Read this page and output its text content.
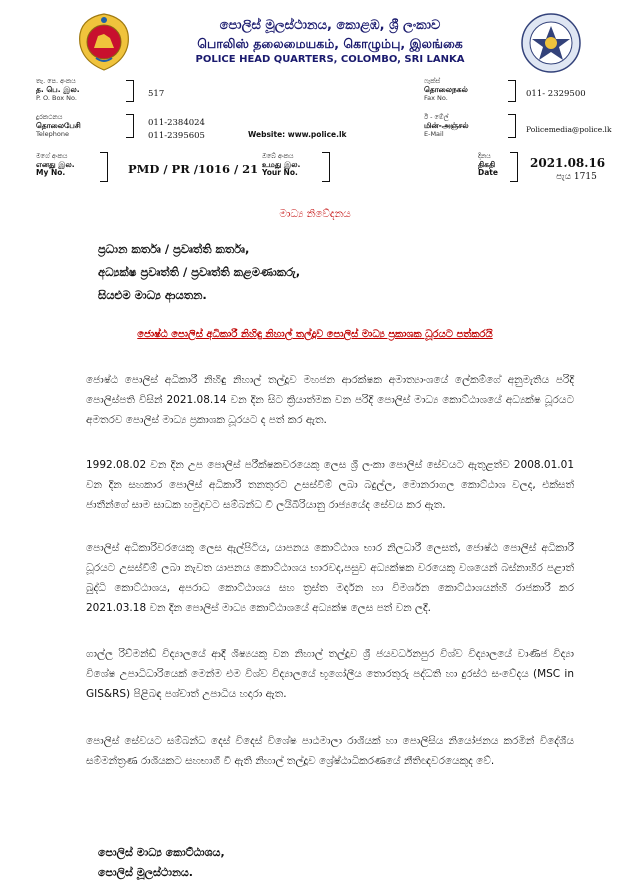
පොලිස් මූලස්ථානය, කොළඹ, ශ්‍රී ලංකාව
பொலிஸ் தலைமையகம், கொழும்பு, இலங்கை
POLICE HEAD QUARTERS, COLOMBO, SRI LANKA
තැ. පෙ. අංකය
த. பெ. இல.
P. O. Box No.	517
ෆැක්ස්
தொலைநகல்
Fax No.	011- 2329500
දුරකථනය
தொலைபேசி
Telephone
011-2384024
011-2395605	Website: www.police.lk
ඊ - මේල්
மின்-அஞ்சல்
E-Mail	Policemedia@police.lk
මගේ අංකය
எனது இல.
My No.	PMD / PR /1016 / 21
ඔබේ අංකය
உமது இல.
Your No.
දිනය
திகதி
Date
2021.08.16
පැය 1715
මාධ්‍ය නිවේදනය
ප්‍රධාන කර්තෘ / ප්‍රවෘත්ති කර්තෘ,
අධ්‍යක්ෂ ප්‍රවෘත්ති / ප්‍රවෘත්ති කළමණාකරු,
සියළුම මාධ්‍ය ආයතන.
ජොෂ්ඨ පොලිස් අධිකාරී නිහිඳු නිහාල් තල්දූව පොලිස් මාධ්‍ය ප්‍රකාශක ධූරයට පත්කරයි

ජොෂ්ඨ පොලිස් අධිකාරී නිහිඳු නිහාල් තල්දූව මහජන ආරක්ෂක අමාත්‍යාංශයේ ලේකම්ගේ අනුමැතිය පරිදි පොලිස්පති විසින් 2021.08.14 වන දින සිට ක්‍රියාත්මක වන පරිදි පොලිස් මාධ්‍ය කොට්ඨාශයේ අධ්‍යක්ෂ ධූරයට අමතරව පොලිස් මාධ්‍ය ප්‍රකාශක ධූරයට ද පත් කර ඇත.

1992.08.02 වන දින උප පොලිස් පරීක්ෂකවරයෙකු ලෙස ශ්‍රී ලංකා පොලිස් සේවයට ඇතුළත්ව 2008.01.01 වන දින සහකාර පොලිස් අධිකාරී තනතුරට උසස්වීම් ලබා බදුල්ල, මොනරාගල කොට්ඨාශ වලද, එක්සත් ජාතීන්ගේ සාම සාධක හමුදාවට සම්බන්ධ වී ලයිබීරියානු රාජ්‍යයේද සේවය කර ඇත.

පොලිස් අධිකාරිවරයෙකු ලෙස ඇල්පිටිය, යාපනය කොට්ඨාශ භාර නිලධාරී ලෙසත්, ජොෂ්ඨ පොලිස් අධිකාරී ධූරයට උසස්වීම් ලබා නැවත යාපනය කොට්ඨාශය භාරවද,පසුව අධ්‍යක්ෂක වරයෙකු වශයෙන් බස්නාහිර පළාත් බුද්ධි කොට්ඨාශය, අපරාධ කොට්ඨාශය සහ ත්‍රස්ත මර්දන හා විමර්ශන කොට්ඨාශයන්හි රාජකාරී කර 2021.03.18 වන දින පොලිස් මාධ්‍ය කොට්ඨාශයේ අධ්‍යක්ෂ ලෙස පත් වන ලදී.

ගාල්ල රිච්මන්ඩ් විද්‍යාලයේ ආදී ශිෂ්‍යයකු වන නිහාල් තල්දූව ශ්‍රී ජයවර්ධනපුර විශ්ව විද්‍යාලයේ වාණිජ විද්‍යා විශේෂ උපාධිධාරියෙක් මෙන්ම එම විශ්ව විද්‍යාලයේ භූගෝලීය තොරතුරු පද්ධති හා දුරස්ථ සංවේදය (MSC in GIS&RS) පිළිබඳ පශ්චාත් උපාධිය හදාරා ඇත.

පොලිස් සේවයට සම්බන්ධ දෙස් විදෙස් විශේෂ පාඨමාලා රාශියක් හා පොලිසිය නියෝජනය කරමින් විදේශීය සම්මන්ත්‍රණ රාශියකට සහභාගී වී ඇති නිහාල් තල්දූව ශ්‍රේෂ්ඨාධිකරණයේ නීතිඥවරයෙකුද වේ.

පොලිස් මාධ්‍ය කොට්ඨාශය,
පොලිස් මූලස්ථානය.
